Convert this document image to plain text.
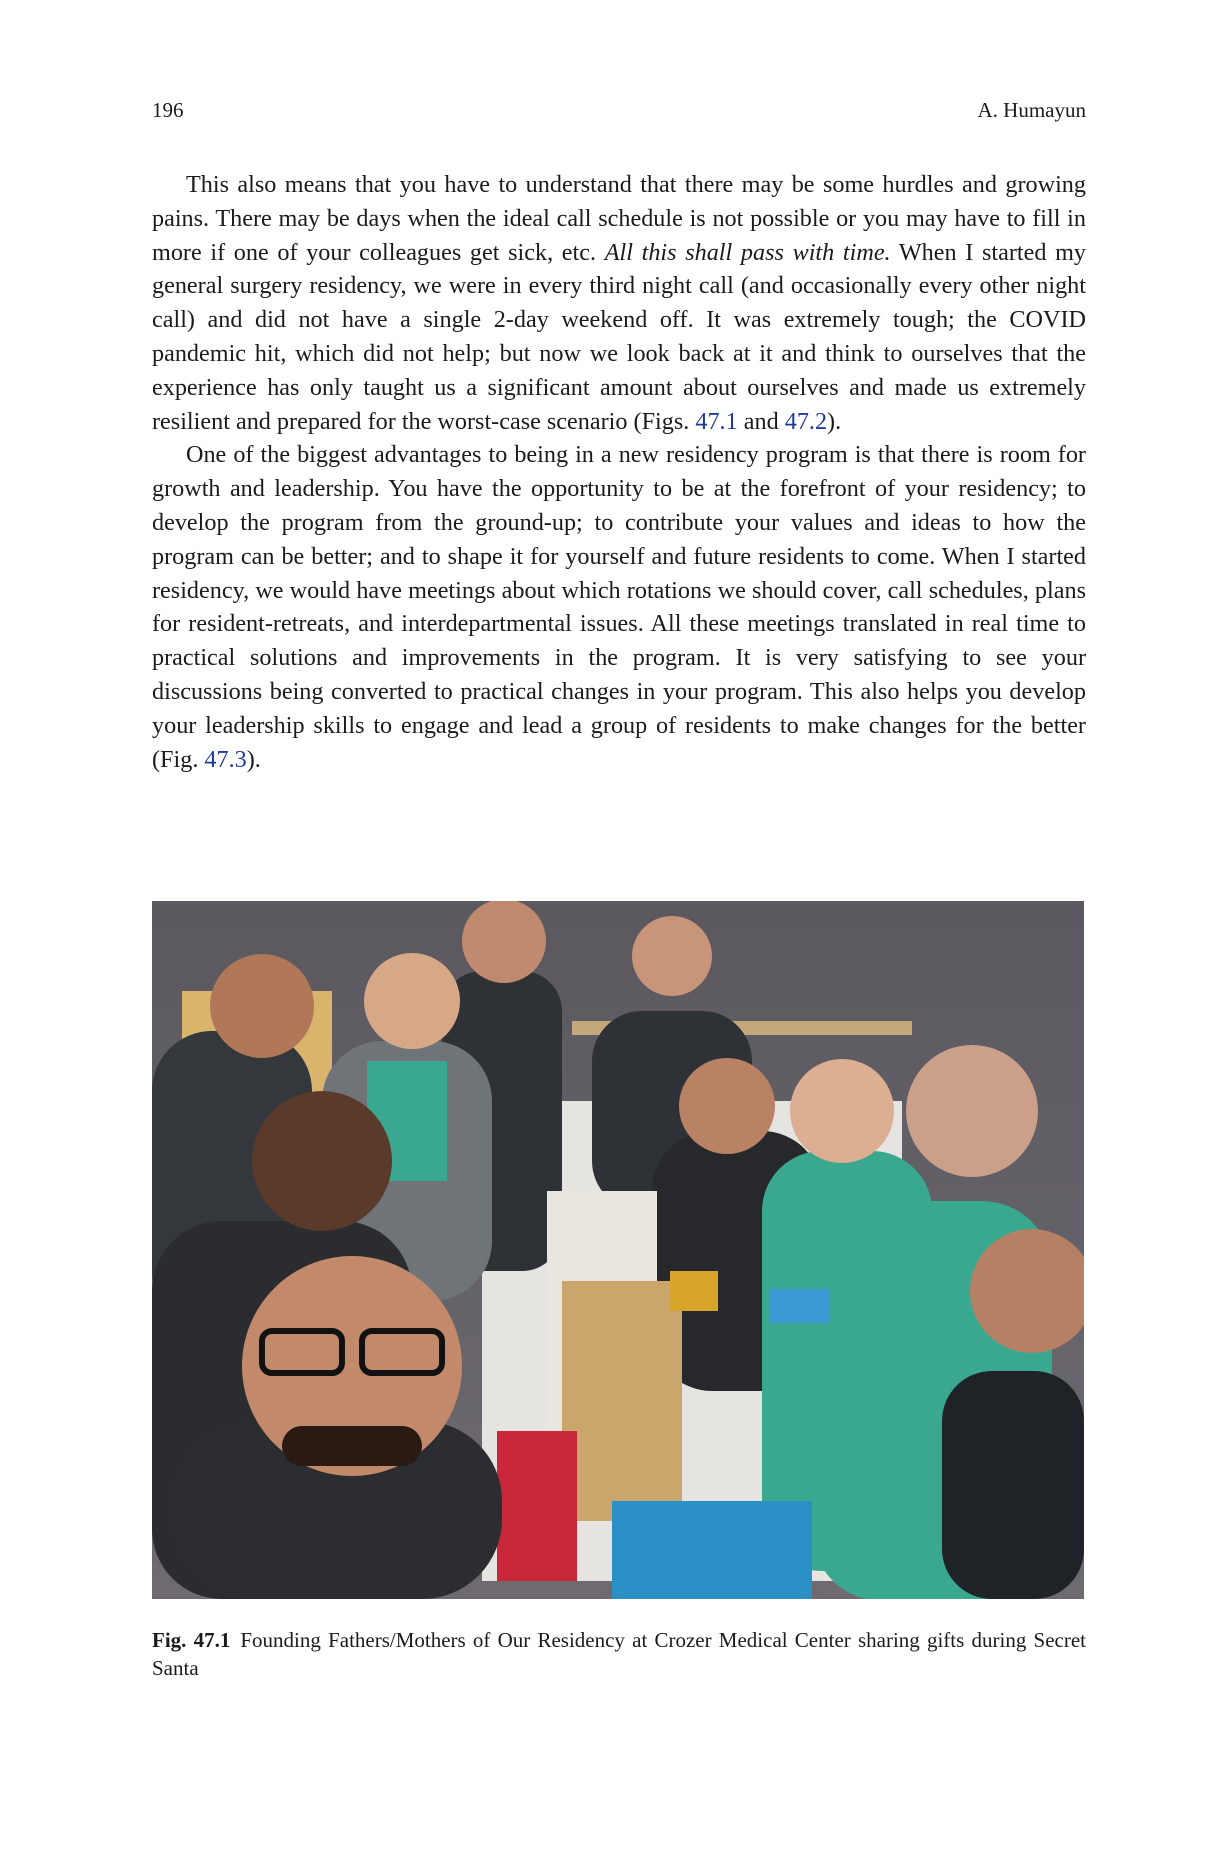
196	A. Humayun

This also means that you have to understand that there may be some hurdles and growing pains. There may be days when the ideal call schedule is not possible or you may have to fill in more if one of your colleagues get sick, etc. All this shall pass with time. When I started my general surgery residency, we were in every third night call (and occasionally every other night call) and did not have a single 2-day weekend off. It was extremely tough; the COVID pandemic hit, which did not help; but now we look back at it and think to ourselves that the experience has only taught us a significant amount about ourselves and made us extremely resilient and prepared for the worst-case scenario (Figs. 47.1 and 47.2).

One of the biggest advantages to being in a new residency program is that there is room for growth and leadership. You have the opportunity to be at the forefront of your residency; to develop the program from the ground-up; to contribute your values and ideas to how the program can be better; and to shape it for yourself and future residents to come. When I started residency, we would have meetings about which rotations we should cover, call schedules, plans for resident-retreats, and interdepartmental issues. All these meetings translated in real time to practical solutions and improvements in the program. It is very satisfying to see your discussions being converted to practical changes in your program. This also helps you develop your leadership skills to engage and lead a group of residents to make changes for the better (Fig. 47.3).

Fig. 47.1 Founding Fathers/Mothers of Our Residency at Crozer Medical Center sharing gifts during Secret Santa
